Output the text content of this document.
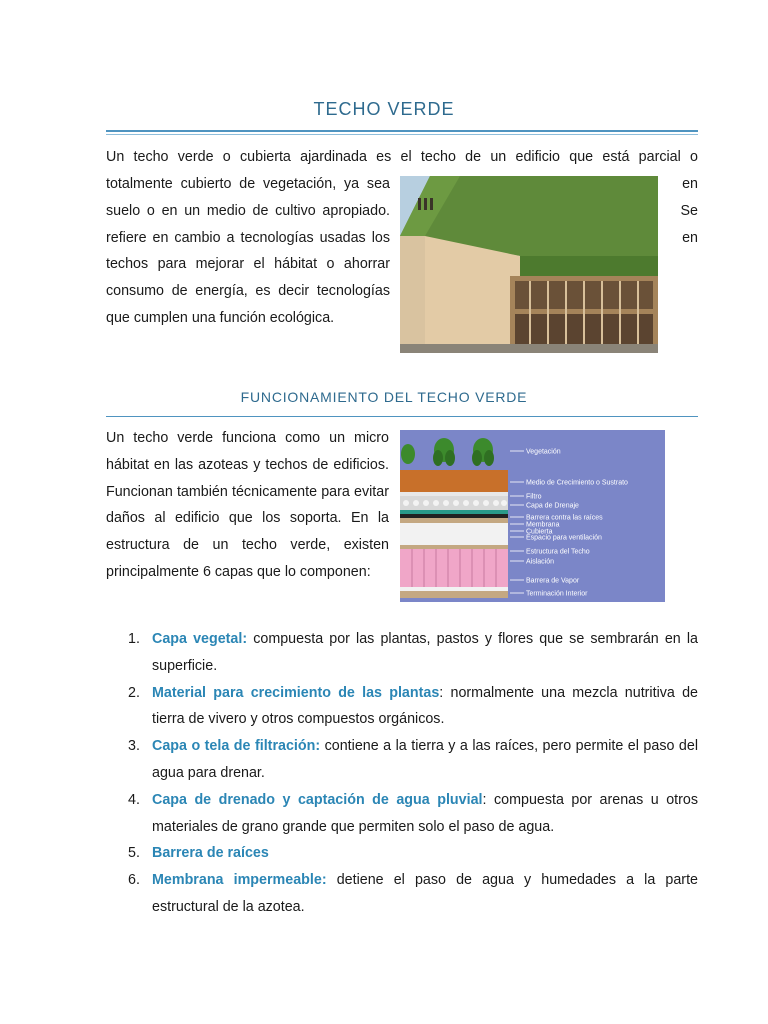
TECHO VERDE

Un techo verde o cubierta ajardinada es el techo de un edificio que está parcial o

totalmente cubierto de vegetación, ya sea suelo o en un medio de cultivo apropiado. refiere en cambio a tecnologías usadas los techos para mejorar el hábitat o ahorrar consumo de energía, es decir tecnologías que cumplen una función ecológica.

en
Se
en
FUNCIONAMIENTO DEL TECHO VERDE

Un techo verde funciona como un micro hábitat en las azoteas y techos de edificios. Funcionan también técnicamente para evitar daños al edificio que los soporta. En la estructura de un techo verde, existen principalmente 6 capas que lo componen:

Vegetación
Medio de Crecimiento o Sustrato
Filtro
Capa de Drenaje
Barrera contra las raíces
Membrana
Cubierta
Espacio para ventilación
Estructura del Techo
Aislación
Barrera de Vapor
Terminación Interior
1. Capa vegetal: compuesta por las plantas, pastos y flores que se sembrarán en la superficie.
2. Material para crecimiento de las plantas: normalmente una mezcla nutritiva de tierra de vivero y otros compuestos orgánicos.
3. Capa o tela de filtración: contiene a la tierra y a las raíces, pero permite el paso del agua para drenar.
4. Capa de drenado y captación de agua pluvial: compuesta por arenas u otros materiales de grano grande que permiten solo el paso de agua.
5. Barrera de raíces
6. Membrana impermeable: detiene el paso de agua y humedades a la parte estructural de la azotea.
